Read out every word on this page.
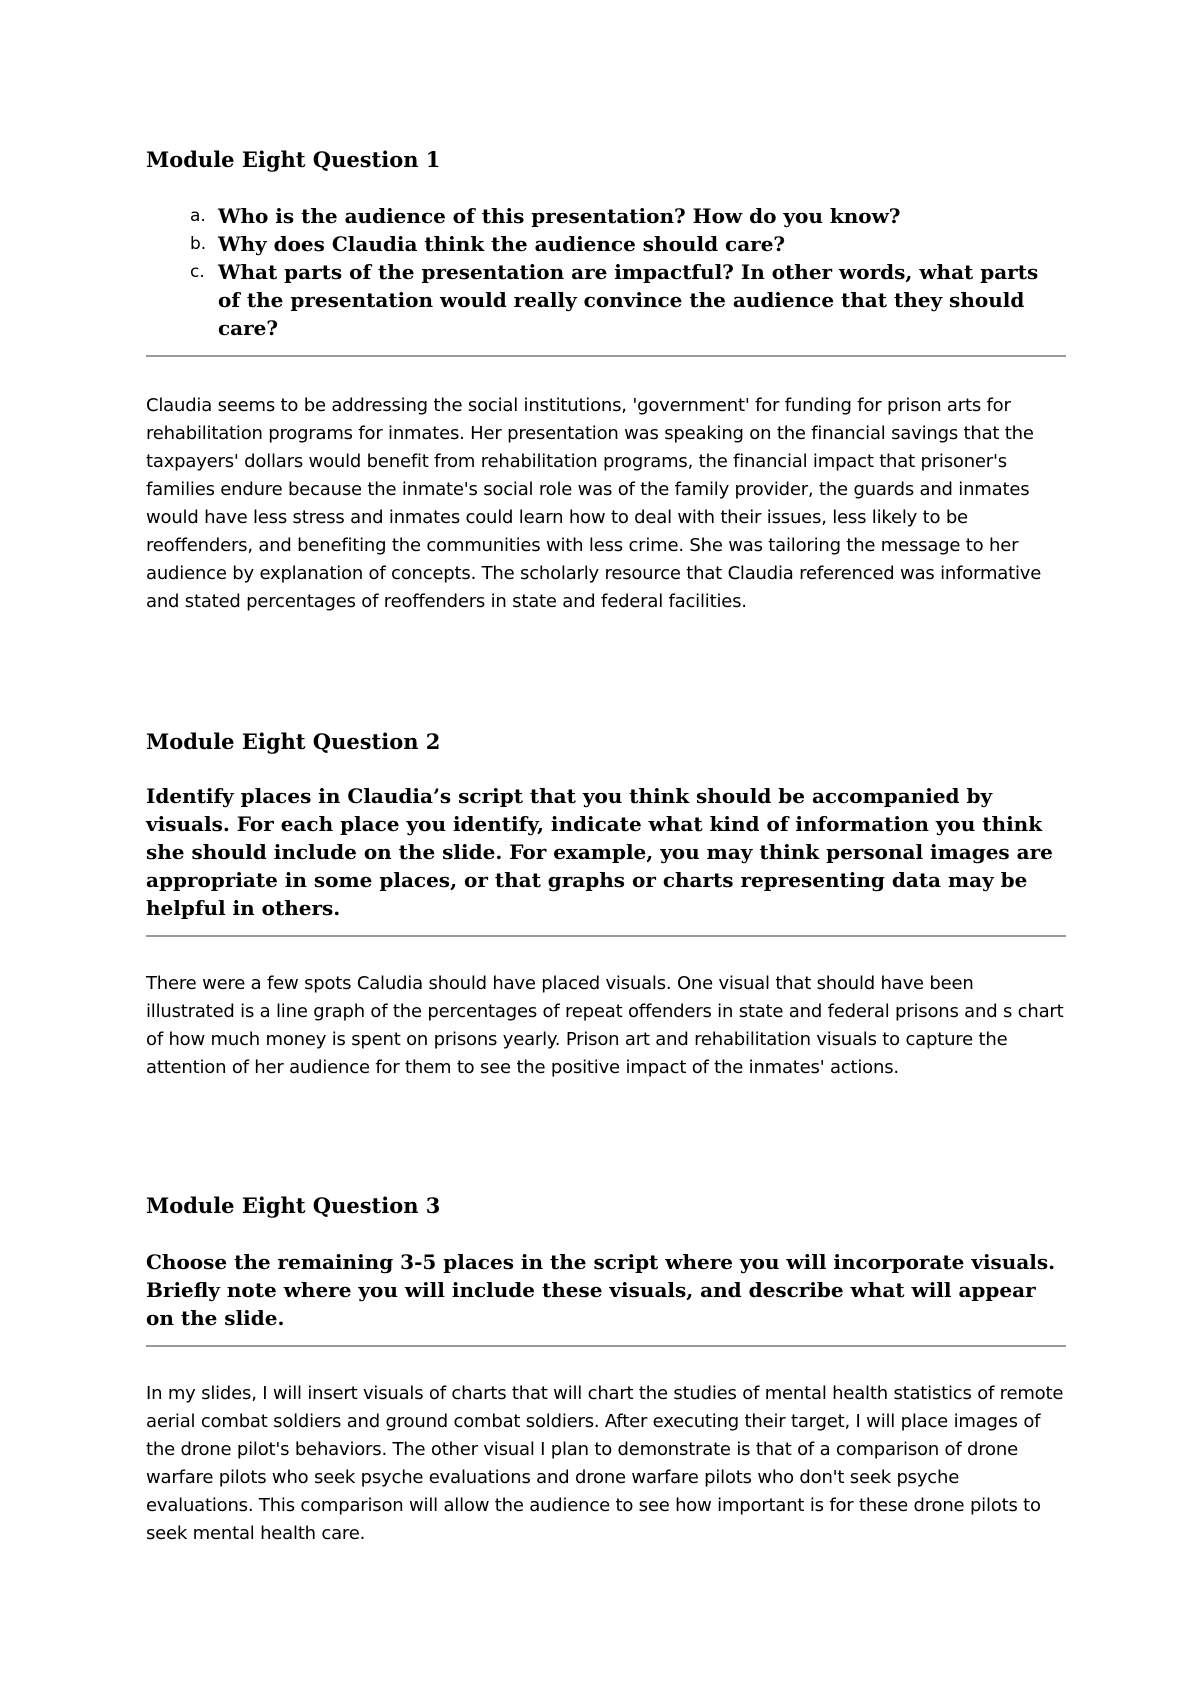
Module Eight Question 1
a. Who is the audience of this presentation? How do you know?
b. Why does Claudia think the audience should care?
c. What parts of the presentation are impactful? In other words, what parts of the presentation would really convince the audience that they should care?

Claudia seems to be addressing the social institutions, 'government' for funding for prison arts for rehabilitation programs for inmates. Her presentation was speaking on the financial savings that the taxpayers' dollars would benefit from rehabilitation programs, the financial impact that prisoner's families endure because the inmate's social role was of the family provider, the guards and inmates would have less stress and inmates could learn how to deal with their issues, less likely to be reoffenders, and benefiting the communities with less crime. She was tailoring the message to her audience by explanation of concepts. The scholarly resource that Claudia referenced was informative and stated percentages of reoffenders in state and federal facilities.

Module Eight Question 2

Identify places in Claudia’s script that you think should be accompanied by visuals. For each place you identify, indicate what kind of information you think she should include on the slide. For example, you may think personal images are appropriate in some places, or that graphs or charts representing data may be helpful in others.

There were a few spots Caludia should have placed visuals. One visual that should have been illustrated is a line graph of the percentages of repeat offenders in state and federal prisons and s chart of how much money is spent on prisons yearly. Prison art and rehabilitation visuals to capture the attention of her audience for them to see the positive impact of the inmates' actions.

Module Eight Question 3

Choose the remaining 3-5 places in the script where you will incorporate visuals. Briefly note where you will include these visuals, and describe what will appear on the slide.

In my slides, I will insert visuals of charts that will chart the studies of mental health statistics of remote aerial combat soldiers and ground combat soldiers. After executing their target, I will place images of the drone pilot's behaviors. The other visual I plan to demonstrate is that of a comparison of drone warfare pilots who seek psyche evaluations and drone warfare pilots who don't seek psyche evaluations. This comparison will allow the audience to see how important is for these drone pilots to seek mental health care.
